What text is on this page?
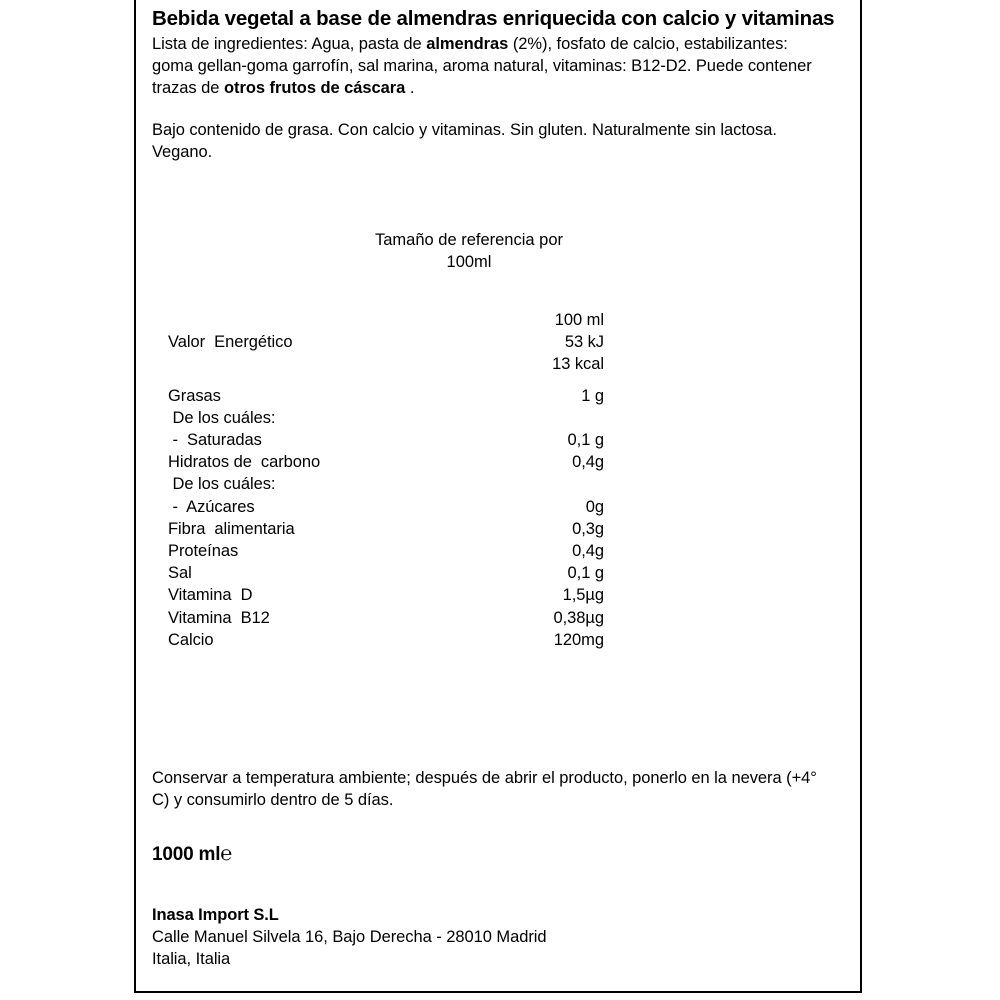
Bebida vegetal a base de almendras enriquecida con calcio y vitaminas

Lista de ingredientes: Agua, pasta de almendras (2%), fosfato de calcio, estabilizantes: goma gellan-goma garrofín, sal marina, aroma natural, vitaminas: B12-D2. Puede contener trazas de otros frutos de cáscara .

Bajo contenido de grasa. Con calcio y vitaminas. Sin gluten. Naturalmente sin lactosa. Vegano.

Tamaño de referencia por
100ml
	100 ml
Valor  Energético	53 kJ
	13 kcal

Grasas	1 g
De los cuáles:	
-  Saturadas	0,1 g
Hidratos de  carbono	0,4g
De los cuáles:	
-  Azúcares	0g
Fibra  alimentaria	0,3g
Proteínas	0,4g
Sal	0,1 g
Vitamina  D	1,5µg
Vitamina  B12	0,38µg
Calcio	120mg

Conservar a temperatura ambiente; después de abrir el producto, ponerlo en la nevera (+4° C) y consumirlo dentro de 5 días.

1000 ml℮
Inasa Import S.L
Calle Manuel Silvela 16, Bajo Derecha - 28010 Madrid
Italia, Italia
